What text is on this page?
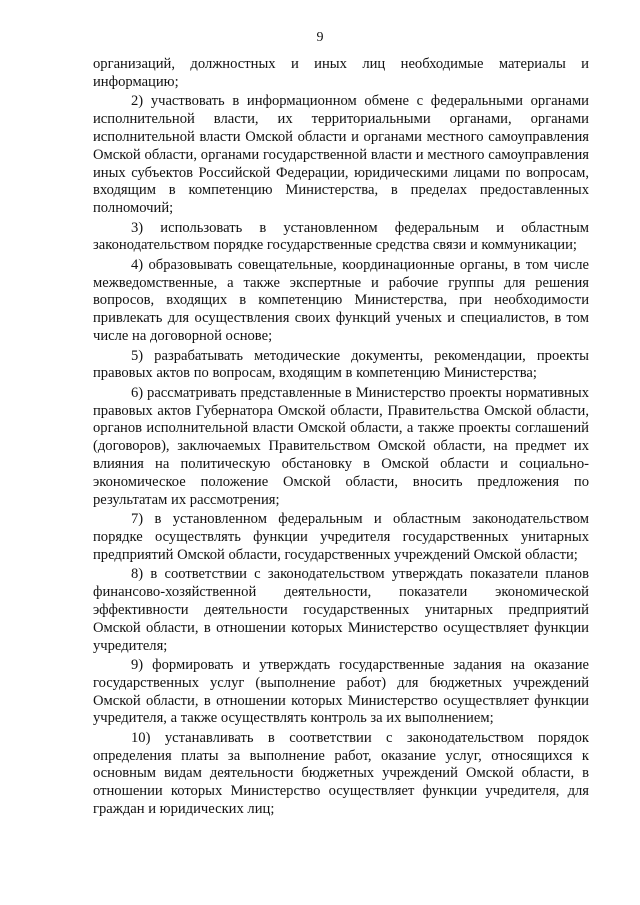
9

организаций, должностных и иных лиц необходимые материалы и информацию;

2) участвовать в информационном обмене с федеральными органами исполнительной власти, их территориальными органами, органами исполнительной власти Омской области и органами местного самоуправления Омской области, органами государственной власти и местного самоуправления иных субъектов Российской Федерации, юридическими лицами по вопросам, входящим в компетенцию Министерства, в пределах предоставленных полномочий;

3) использовать в установленном федеральным и областным законодательством порядке государственные средства связи и коммуникации;

4) образовывать совещательные, координационные органы, в том числе межведомственные, а также экспертные и рабочие группы для решения вопросов, входящих в компетенцию Министерства, при необходимости привлекать для осуществления своих функций ученых и специалистов, в том числе на договорной основе;

5) разрабатывать методические документы, рекомендации, проекты правовых актов по вопросам, входящим в компетенцию Министерства;

6) рассматривать представленные в Министерство проекты нормативных правовых актов Губернатора Омской области, Правительства Омской области, органов исполнительной власти Омской области, а также проекты соглашений (договоров), заключаемых Правительством Омской области, на предмет их влияния на политическую обстановку в Омской области и социально-экономическое положение Омской области, вносить предложения по результатам их рассмотрения;

7) в установленном федеральным и областным законодательством порядке осуществлять функции учредителя государственных унитарных предприятий Омской области, государственных учреждений Омской области;

8) в соответствии с законодательством утверждать показатели планов финансово-хозяйственной деятельности, показатели экономической эффективности деятельности государственных унитарных предприятий Омской области, в отношении которых Министерство осуществляет функции учредителя;

9) формировать и утверждать государственные задания на оказание государственных услуг (выполнение работ) для бюджетных учреждений Омской области, в отношении которых Министерство осуществляет функции учредителя, а также осуществлять контроль за их выполнением;

10) устанавливать в соответствии с законодательством порядок определения платы за выполнение работ, оказание услуг, относящихся к основным видам деятельности бюджетных учреждений Омской области, в отношении которых Министерство осуществляет функции учредителя, для граждан и юридических лиц;
